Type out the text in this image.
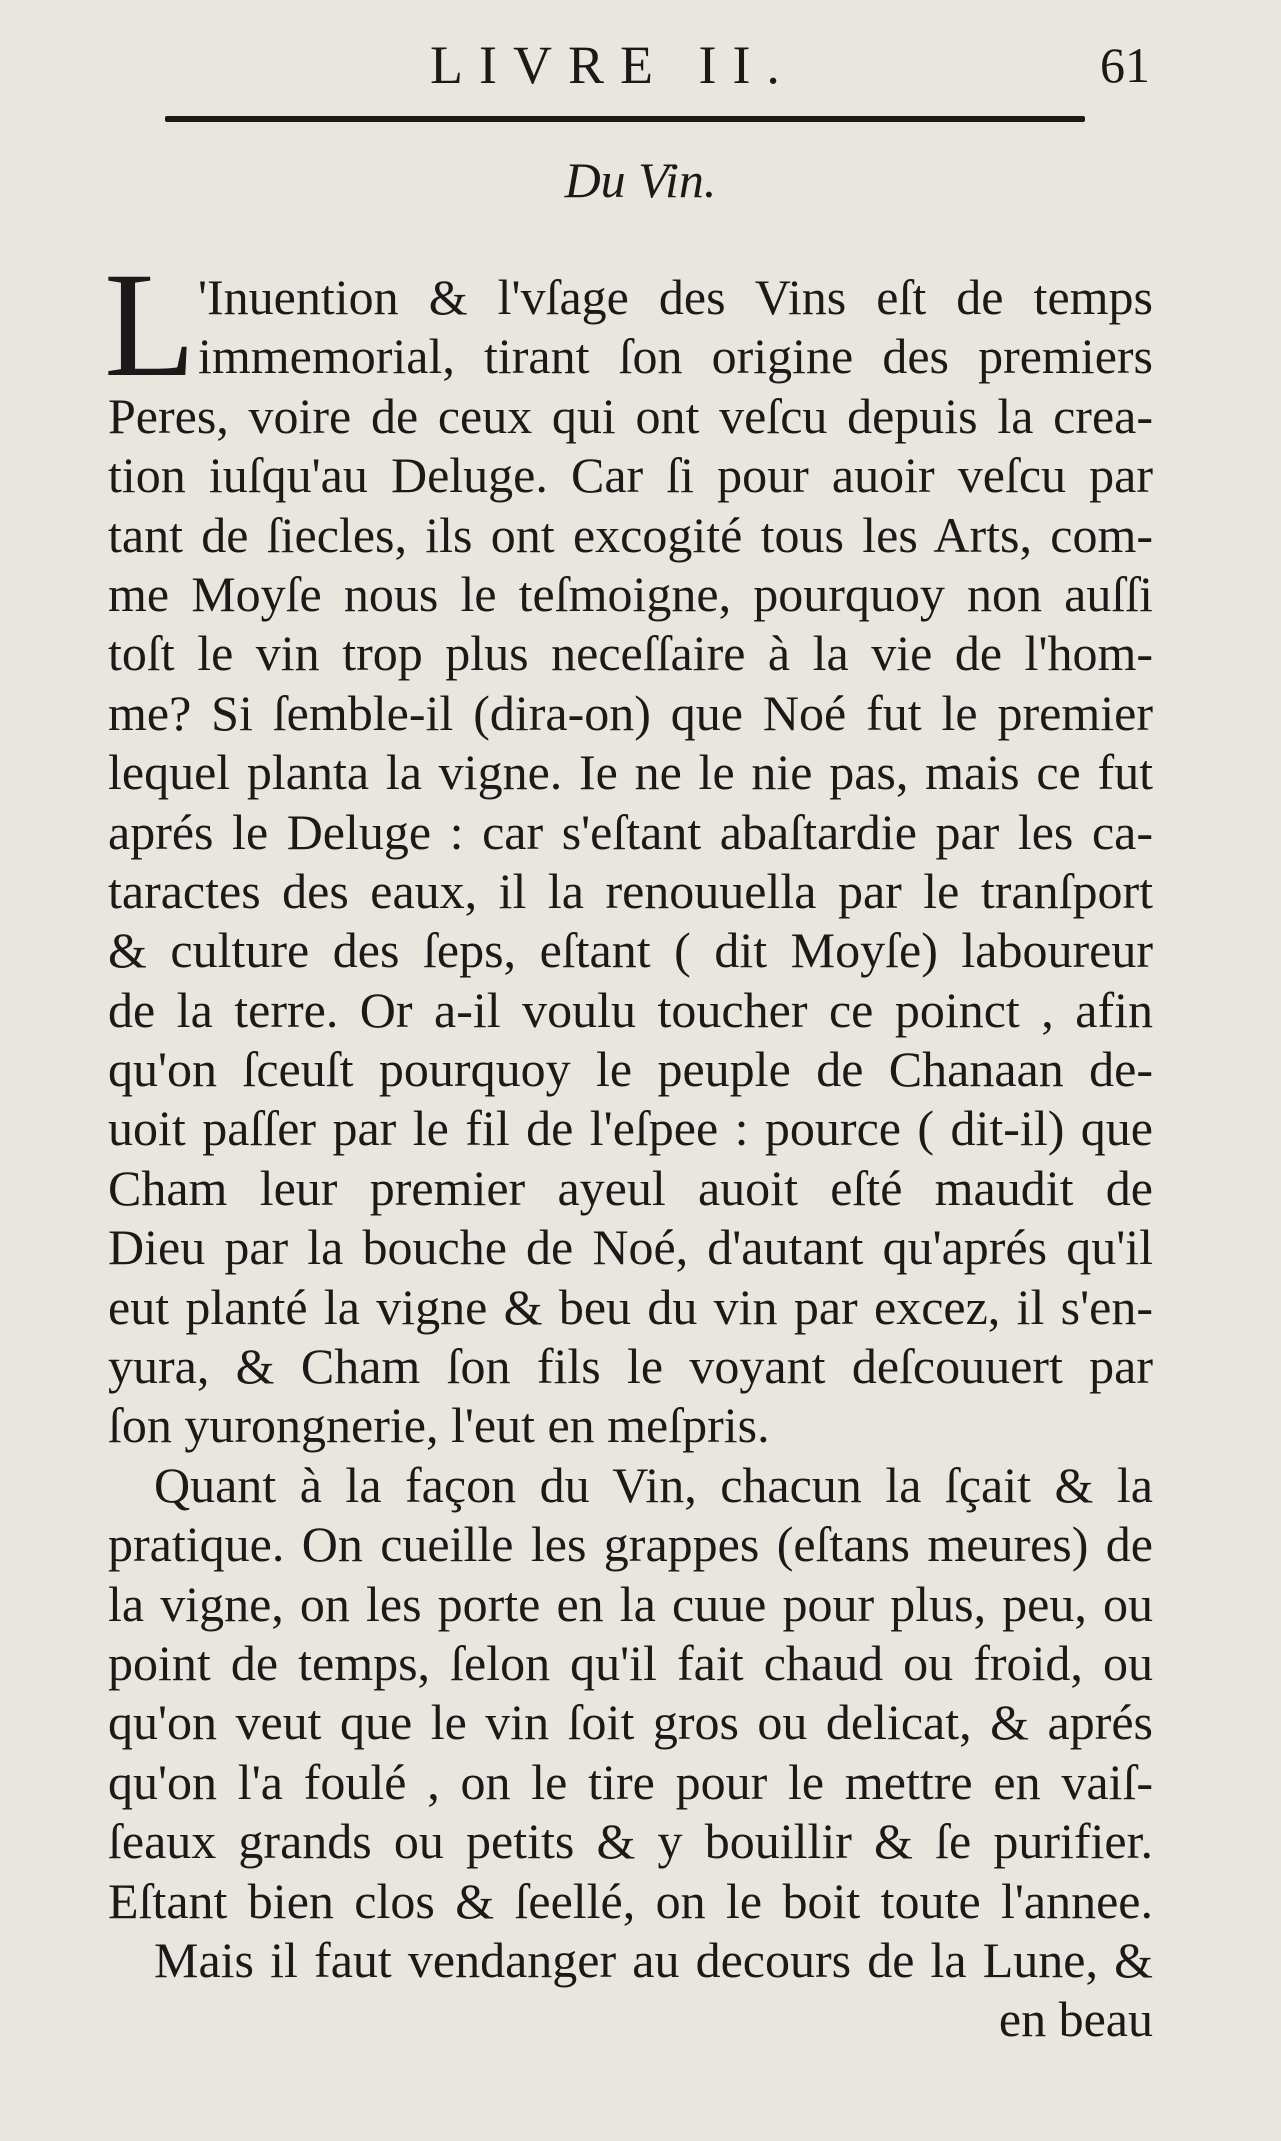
LIVRE II.	61
Du Vin.
L 'Inuention & l'vſage des Vins eſt de temps
immemorial, tirant ſon origine des premiers
Peres, voire de ceux qui ont veſcu depuis la crea-
tion iuſqu'au Deluge. Car ſi pour auoir veſcu par
tant de ſiecles, ils ont excogité tous les Arts, com-
me Moyſe nous le teſmoigne, pourquoy non auſſi
toſt le vin trop plus neceſſaire à la vie de l'hom-
me? Si ſemble-il (dira-on) que Noé fut le premier
lequel planta la vigne. Ie ne le nie pas, mais ce fut
aprés le Deluge : car s'eſtant abaſtardie par les ca-
taractes des eaux, il la renouuella par le tranſport
& culture des ſeps, eſtant ( dit Moyſe) laboureur
de la terre. Or a-il voulu toucher ce poinct , afin
qu'on ſceuſt pourquoy le peuple de Chanaan de-
uoit paſſer par le fil de l'eſpee : pource ( dit-il) que
Cham leur premier ayeul auoit eſté maudit de
Dieu par la bouche de Noé, d'autant qu'aprés qu'il
eut planté la vigne & beu du vin par excez, il s'en-
yura, & Cham ſon fils le voyant deſcouuert par
ſon yurongnerie, l'eut en meſpris.
Quant à la façon du Vin, chacun la ſçait & la
pratique. On cueille les grappes (eſtans meures) de
la vigne, on les porte en la cuue pour plus, peu, ou
point de temps, ſelon qu'il fait chaud ou froid, ou
qu'on veut que le vin ſoit gros ou delicat, & aprés
qu'on l'a foulé , on le tire pour le mettre en vaiſ-
ſeaux grands ou petits & y bouillir & ſe purifier.
Eſtant bien clos & ſeellé, on le boit toute l'annee.
Mais il faut vendanger au decours de la Lune, &
en beau
